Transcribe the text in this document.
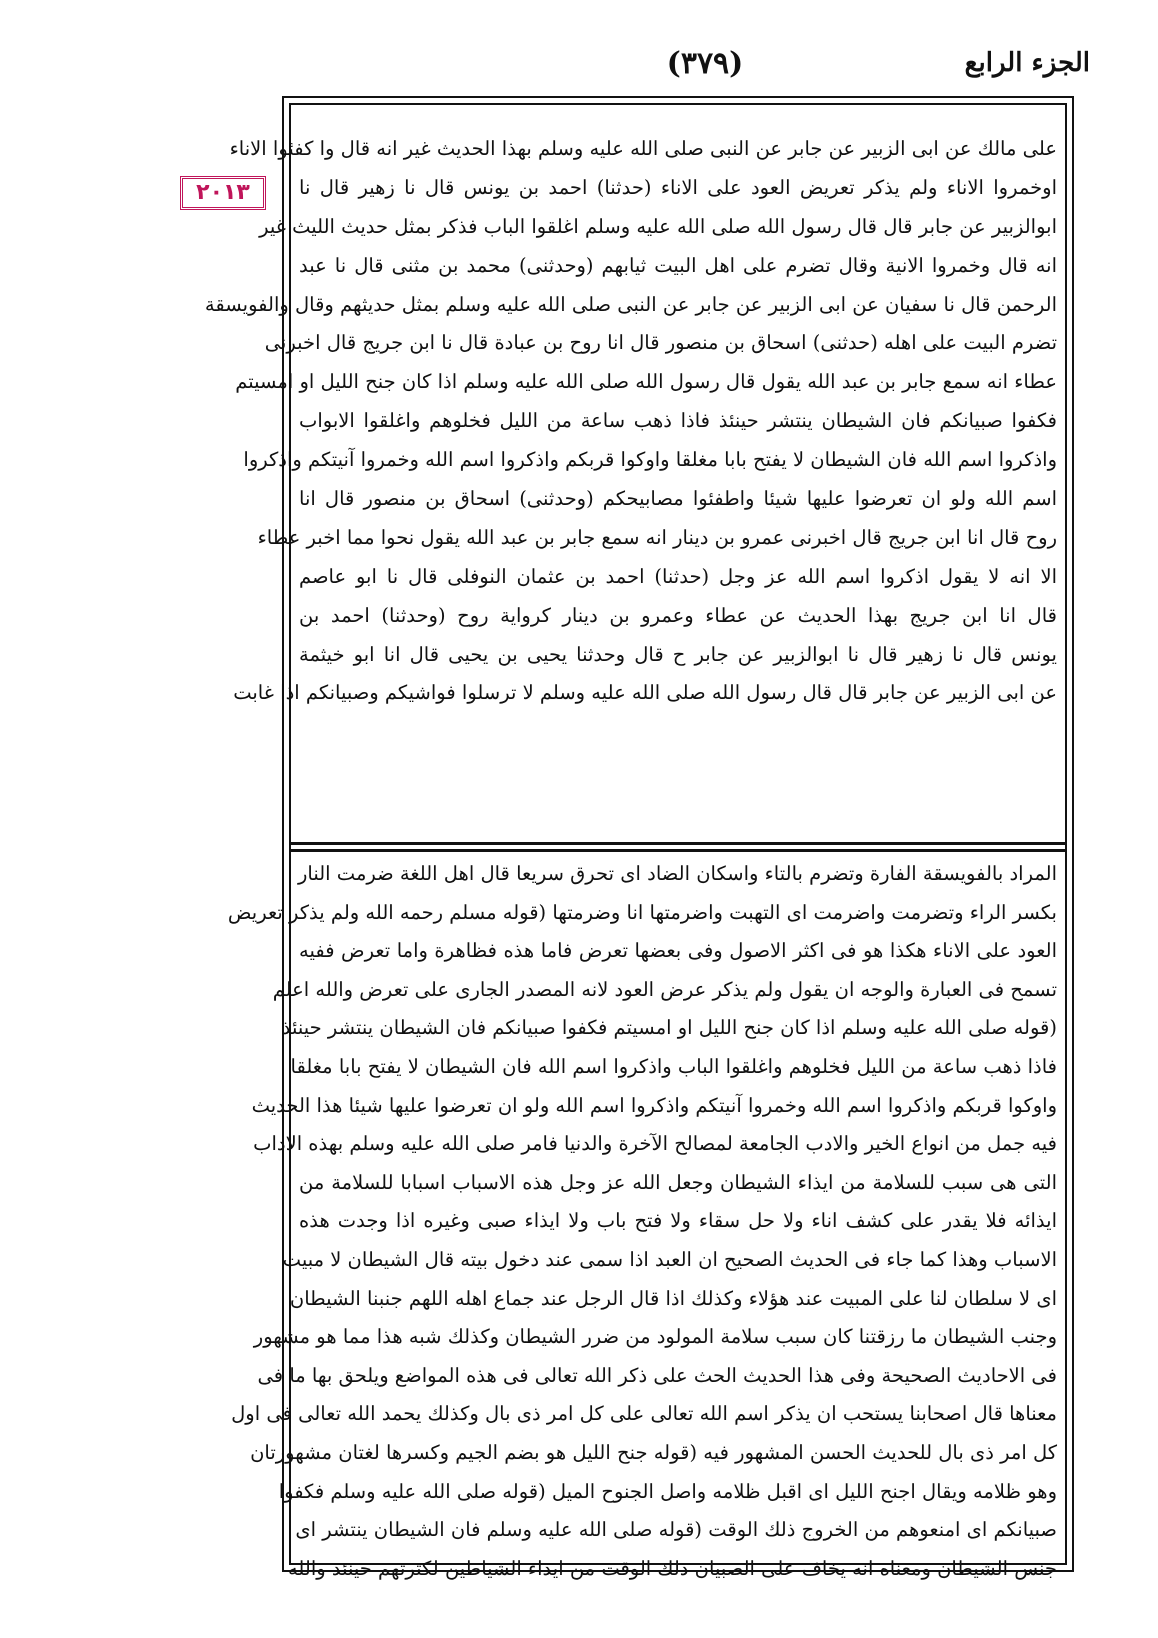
(٣٧٩)	الجزء الرابع
٢٠١٣
على مالك عن ابى الزبير عن جابر عن النبى صلى الله عليه وسلم بهذا الحديث غير انه قال وا كفئوا الاناء
اوخمروا الاناء ولم يذكر تعريض العود على الاناء (حدثنا) احمد بن يونس قال نا زهير قال نا
ابوالزبير عن جابر قال قال رسول الله صلى الله عليه وسلم اغلقوا الباب فذكر بمثل حديث الليث غير
انه قال وخمروا الانية وقال تضرم على اهل البيت ثيابهم (وحدثنى) محمد بن مثنى قال نا عبد
الرحمن قال نا سفيان عن ابى الزبير عن جابر عن النبى صلى الله عليه وسلم بمثل حديثهم وقال والفويسقة
تضرم البيت على اهله (حدثنى) اسحاق بن منصور قال انا روح بن عبادة قال نا ابن جريج قال اخبرنى
عطاء انه سمع جابر بن عبد الله يقول قال رسول الله صلى الله عليه وسلم اذا كان جنح الليل او امسيتم
فكفوا صبيانكم فان الشيطان ينتشر حينئذ فاذا ذهب ساعة من الليل فخلوهم واغلقوا الابواب
واذكروا اسم الله فان الشيطان لا يفتح بابا مغلقا واوكوا قربكم واذكروا اسم الله وخمروا آنيتكم واذكروا
اسم الله ولو ان تعرضوا عليها شيئا واطفئوا مصابيحكم (وحدثنى) اسحاق بن منصور قال انا
روح قال انا ابن جريج قال اخبرنى عمرو بن دينار انه سمع جابر بن عبد الله يقول نحوا مما اخبر عطاء
الا انه لا يقول اذكروا اسم الله عز وجل (حدثنا) احمد بن عثمان النوفلى قال نا ابو عاصم
قال انا ابن جريج بهذا الحديث عن عطاء وعمرو بن دينار كرواية روح (وحدثنا) احمد بن
يونس قال نا زهير قال نا ابوالزبير عن جابر ح قال وحدثنا يحيى بن يحيى قال انا ابو خيثمة
عن ابى الزبير عن جابر قال قال رسول الله صلى الله عليه وسلم لا ترسلوا فواشيكم وصبيانكم اذا غابت
المراد بالفويسقة الفارة وتضرم بالتاء واسكان الضاد اى تحرق سريعا قال اهل اللغة ضرمت النار
بكسر الراء وتضرمت واضرمت اى التهبت واضرمتها انا وضرمتها (قوله مسلم رحمه الله ولم يذكر تعريض
العود على الاناء هكذا هو فى اكثر الاصول وفى بعضها تعرض فاما هذه فظاهرة واما تعرض ففيه
تسمح فى العبارة والوجه ان يقول ولم يذكر عرض العود لانه المصدر الجارى على تعرض والله اعلم
(قوله صلى الله عليه وسلم اذا كان جنح الليل او امسيتم فكفوا صبيانكم فان الشيطان ينتشر حينئذ
فاذا ذهب ساعة من الليل فخلوهم واغلقوا الباب واذكروا اسم الله فان الشيطان لا يفتح بابا مغلقا
واوكوا قربكم واذكروا اسم الله وخمروا آنيتكم واذكروا اسم الله ولو ان تعرضوا عليها شيئا هذا الحديث
فيه جمل من انواع الخير والادب الجامعة لمصالح الآخرة والدنيا فامر صلى الله عليه وسلم بهذه الاداب
التى هى سبب للسلامة من ايذاء الشيطان وجعل الله عز وجل هذه الاسباب اسبابا للسلامة من
ايذائه فلا يقدر على كشف اناء ولا حل سقاء ولا فتح باب ولا ايذاء صبى وغيره اذا وجدت هذه
الاسباب وهذا كما جاء فى الحديث الصحيح ان العبد اذا سمى عند دخول بيته قال الشيطان لا مبيت
اى لا سلطان لنا على المبيت عند هؤلاء وكذلك اذا قال الرجل عند جماع اهله اللهم جنبنا الشيطان
وجنب الشيطان ما رزقتنا كان سبب سلامة المولود من ضرر الشيطان وكذلك شبه هذا مما هو مشهور
فى الاحاديث الصحيحة وفى هذا الحديث الحث على ذكر الله تعالى فى هذه المواضع ويلحق بها ما فى
معناها قال اصحابنا يستحب ان يذكر اسم الله تعالى على كل امر ذى بال وكذلك يحمد الله تعالى فى اول
كل امر ذى بال للحديث الحسن المشهور فيه (قوله جنح الليل هو بضم الجيم وكسرها لغتان مشهورتان
وهو ظلامه ويقال اجنح الليل اى اقبل ظلامه واصل الجنوح الميل (قوله صلى الله عليه وسلم فكفوا
صبيانكم اى امنعوهم من الخروج ذلك الوقت (قوله صلى الله عليه وسلم فان الشيطان ينتشر اى
جنس الشيطان ومعناه انه يخاف على الصبيان ذلك الوقت من ايذاء الشياطين لكثرتهم حينئذ والله
